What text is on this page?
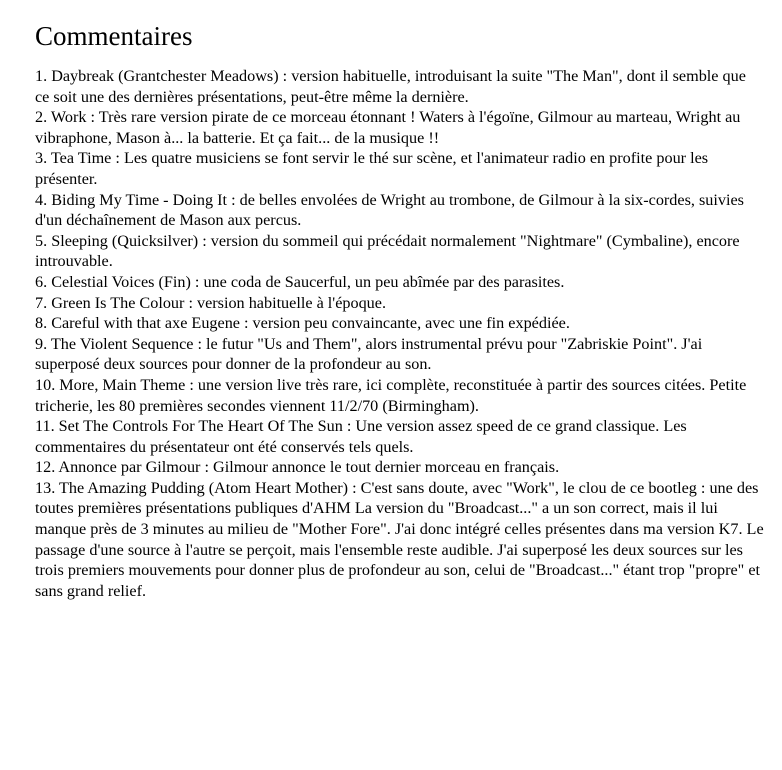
Commentaires

1. Daybreak (Grantchester Meadows) : version habituelle, introduisant la suite "The Man", dont il semble que ce soit une des dernières présentations, peut-être même la dernière.

2. Work : Très rare version pirate de ce morceau étonnant ! Waters à l'égoïne, Gilmour au marteau, Wright au vibraphone, Mason à... la batterie. Et ça fait... de la musique !!

3. Tea Time : Les quatre musiciens se font servir le thé sur scène, et l'animateur radio en profite pour les présenter.

4. Biding My Time - Doing It : de belles envolées de Wright au trombone, de Gilmour à la six-cordes, suivies d'un déchaînement de Mason aux percus.

5. Sleeping (Quicksilver) : version du sommeil qui précédait normalement "Nightmare" (Cymbaline), encore introuvable.

6. Celestial Voices (Fin) : une coda de Saucerful, un peu abîmée par des parasites.

7. Green Is The Colour : version habituelle à l'époque.

8. Careful with that axe Eugene : version peu convaincante, avec une fin expédiée.

9. The Violent Sequence : le futur "Us and Them", alors instrumental prévu pour "Zabriskie Point". J'ai superposé deux sources pour donner de la profondeur au son.

10. More, Main Theme : une version live très rare, ici complète, reconstituée à partir des sources citées. Petite tricherie, les 80 premières secondes viennent 11/2/70 (Birmingham).

11. Set The Controls For The Heart Of The Sun : Une version assez speed de ce grand classique. Les commentaires du présentateur ont été conservés tels quels.

12. Annonce par Gilmour : Gilmour annonce le tout dernier morceau en français.

13. The Amazing Pudding (Atom Heart Mother) : C'est sans doute, avec "Work", le clou de ce bootleg : une des toutes premières présentations publiques d'AHM La version du "Broadcast..." a un son correct, mais il lui manque près de 3 minutes au milieu de "Mother Fore". J'ai donc intégré celles présentes dans ma version K7. Le passage d'une source à l'autre se perçoit, mais l'ensemble reste audible. J'ai superposé les deux sources sur les trois premiers mouvements pour donner plus de profondeur au son, celui de "Broadcast..." étant trop "propre" et sans grand relief.
